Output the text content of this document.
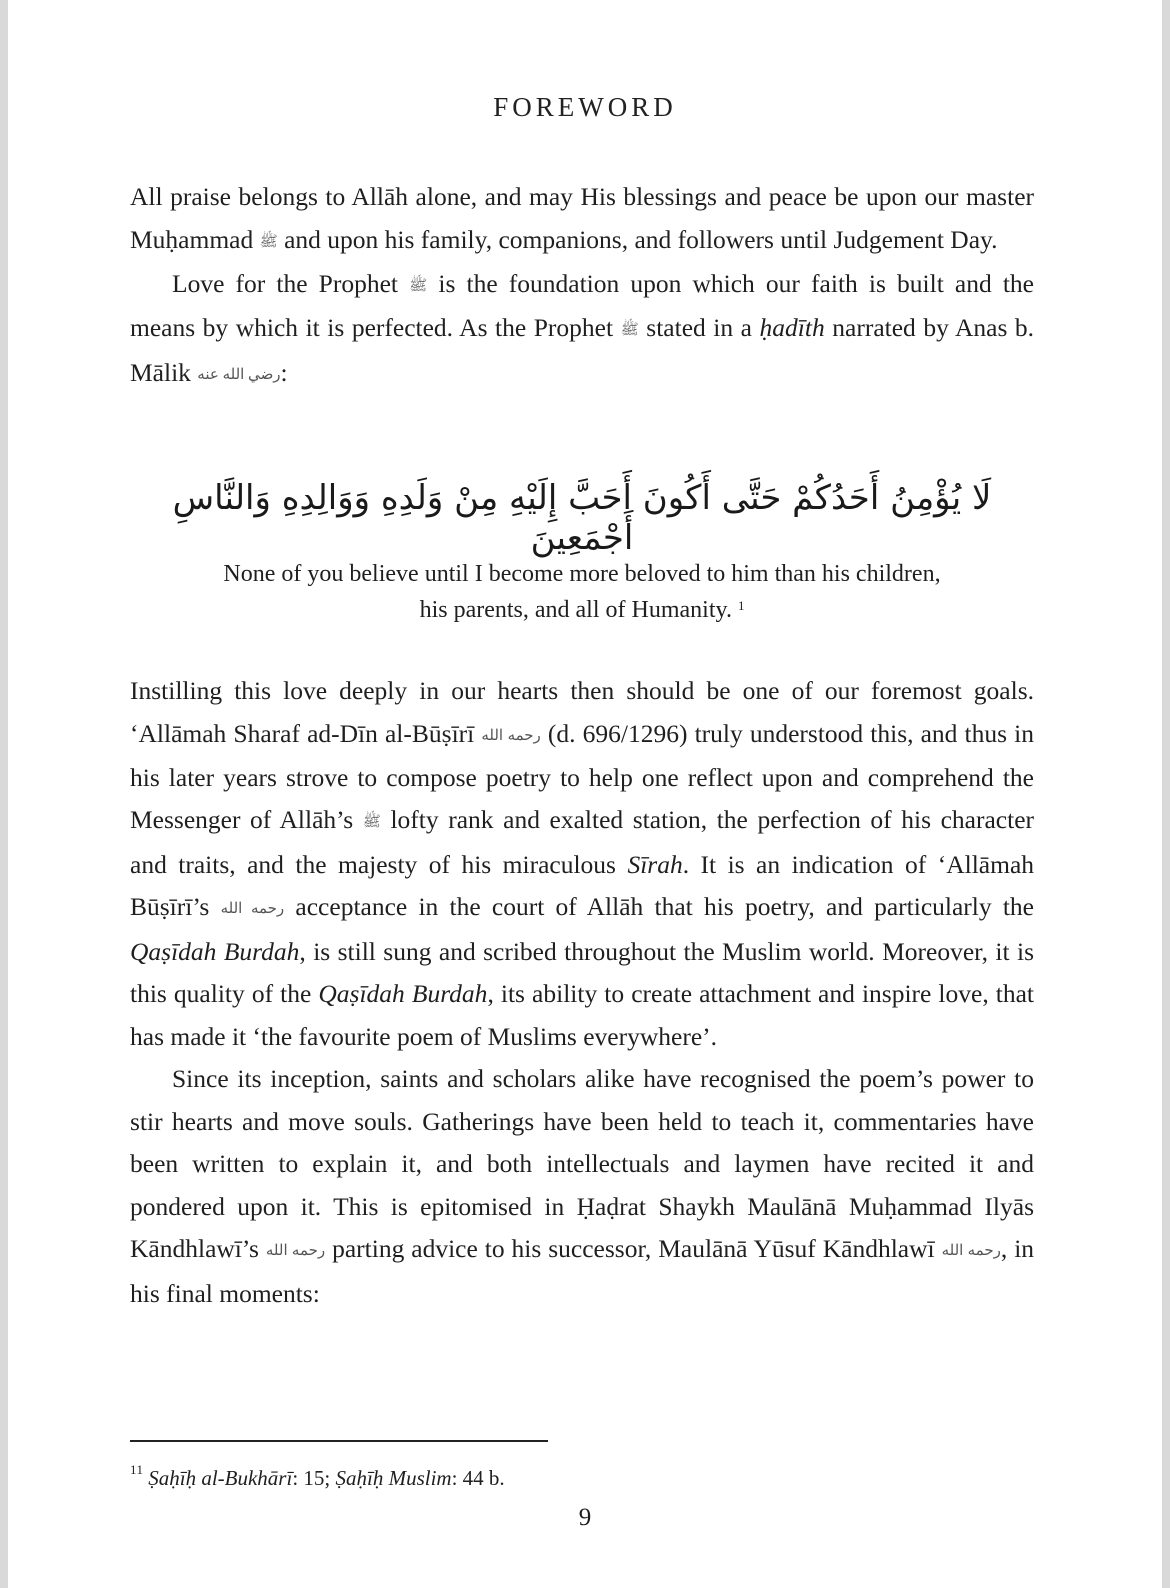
FOREWORD

All praise belongs to Allāh alone, and may His blessings and peace be upon our master Muḥammad ﷺ and upon his family, companions, and followers until Judgement Day.

Love for the Prophet ﷺ is the foundation upon which our faith is built and the means by which it is perfected. As the Prophet ﷺ stated in a ḥadīth narrated by Anas b. Mālik رضي الله عنه:

لَا يُؤْمِنُ أَحَدُكُمْ حَتَّى أَكُونَ أَحَبَّ إِلَيْهِ مِنْ وَلَدِهِ وَوَالِدِهِ وَالنَّاسِ أَجْمَعِينَ
None of you believe until I become more beloved to him than his children,
his parents, and all of Humanity. $^1$

Instilling this love deeply in our hearts then should be one of our foremost goals. ‘Allāmah Sharaf ad-Dīn al-Būṣīrī رحمه الله (d. 696/1296) truly understood this, and thus in his later years strove to compose poetry to help one reflect upon and comprehend the Messenger of Allāh’s ﷺ lofty rank and exalted station, the perfection of his character and traits, and the majesty of his miraculous Sīrah. It is an indication of ‘Allāmah Būṣīrī’s رحمه الله acceptance in the court of Allāh that his poetry, and particularly the Qaṣīdah Burdah, is still sung and scribed throughout the Muslim world. Moreover, it is this quality of the Qaṣīdah Burdah, its ability to create attachment and inspire love, that has made it ‘the favourite poem of Muslims everywhere’.

Since its inception, saints and scholars alike have recognised the poem’s power to stir hearts and move souls. Gatherings have been held to teach it, commentaries have been written to explain it, and both intellectuals and laymen have recited it and pondered upon it. This is epitomised in Ḥaḍrat Shaykh Maulānā Muḥammad Ilyās Kāndhlawī’s رحمه الله parting advice to his successor, Maulānā Yūsuf Kāndhlawī رحمه الله, in his final moments:

$^{11}$ Ṣaḥīḥ al-Bukhārī: 15; Ṣaḥīḥ Muslim: 44 b.
9
